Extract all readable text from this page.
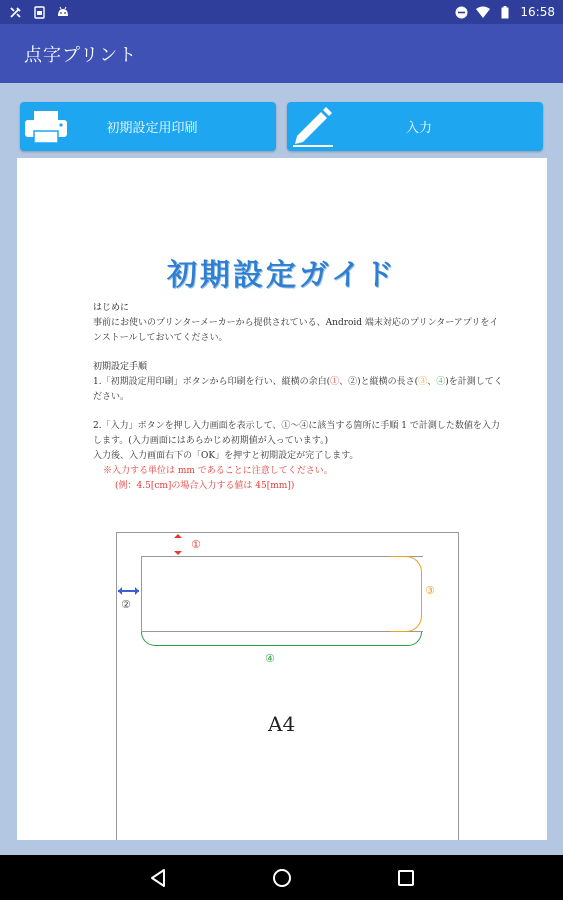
16:58
点字プリント
初期設定用印刷	入力
初期設定ガイド
はじめに
事前にお使いのプリンターメーカーから提供されている、Android 端末対応のプリンターアプリをインストールしておいてください。
初期設定手順
1.「初期設定用印刷」ボタンから印刷を行い、縦横の余白(①、②)と縦横の長さ(③、④)を計測してください。
2.「入力」ボタンを押し入力画面を表示して、①～④に該当する箇所に手順 1 で計測した数値を入力します。(入力画面にはあらかじめ初期値が入っています。)
入力後、入力画面右下の「OK」を押すと初期設定が完了します。
※入力する単位は mm であることに注意してください。
(例：4.5[cm]の場合入力する値は 45[mm])
①
②
③
④
A4
